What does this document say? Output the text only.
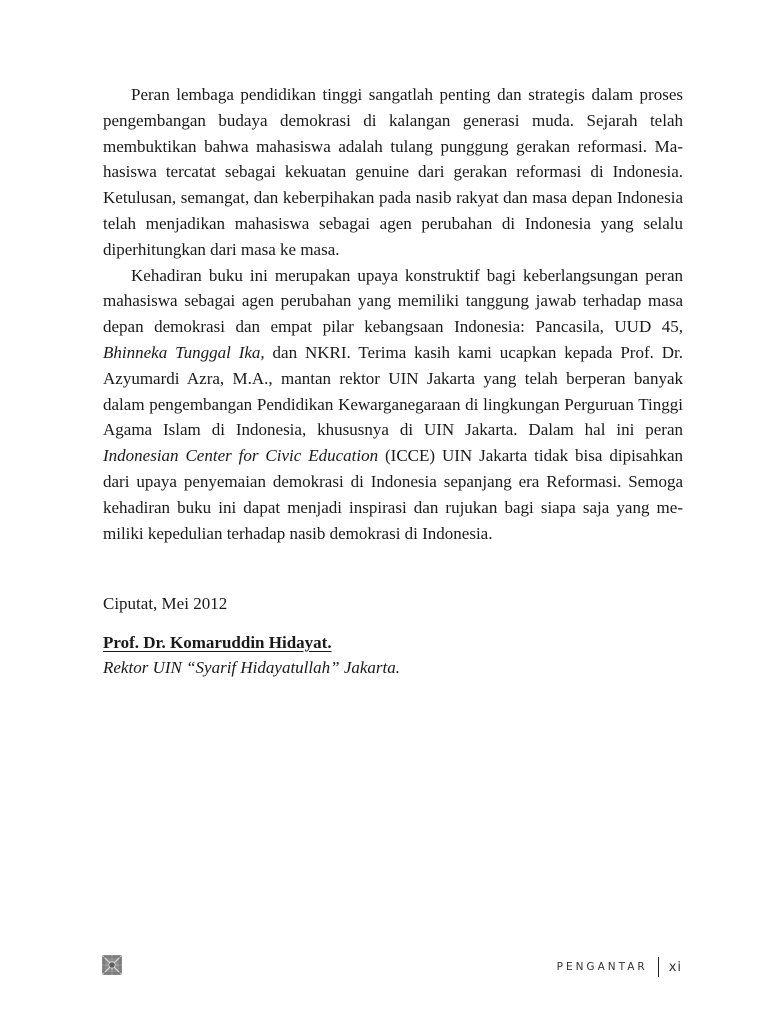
Peran lembaga pendidikan tinggi sangatlah penting dan strategis dalam proses pengembangan budaya demokrasi di kalangan generasi muda. Sejarah telah membuktikan bahwa mahasiswa adalah tulang punggung gerakan reformasi. Mahasiswa tercatat sebagai kekuatan genuine dari gerakan reformasi di Indonesia. Ketulusan, semangat, dan keberpihakan pada nasib rakyat dan masa depan Indonesia telah menjadikan mahasiswa sebagai agen perubahan di Indonesia yang selalu diperhitungkan dari masa ke masa.

Kehadiran buku ini merupakan upaya konstruktif bagi keberlangsungan peran mahasiswa sebagai agen perubahan yang memiliki tanggung jawab terhadap masa depan demokrasi dan empat pilar kebangsaan Indonesia: Pancasila, UUD 45, Bhinneka Tunggal Ika, dan NKRI. Terima kasih kami ucapkan kepada Prof. Dr. Azyumardi Azra, M.A., mantan rektor UIN Jakarta yang telah berperan banyak dalam pengembangan Pendidikan Kewarganegaraan di lingkungan Perguruan Tinggi Agama Islam di Indonesia, khususnya di UIN Jakarta. Dalam hal ini peran Indonesian Center for Civic Education (ICCE) UIN Jakarta tidak bisa dipisahkan dari upaya penyemaian demokrasi di Indonesia sepanjang era Reformasi. Semoga kehadiran buku ini dapat menjadi inspirasi dan rujukan bagi siapa saja yang memiliki kepedulian terhadap nasib demokrasi di Indonesia.

Ciputat, Mei 2012

Prof. Dr. Komaruddin Hidayat.

Rektor UIN “Syarif Hidayatullah” Jakarta.

PENGANTAR xi
